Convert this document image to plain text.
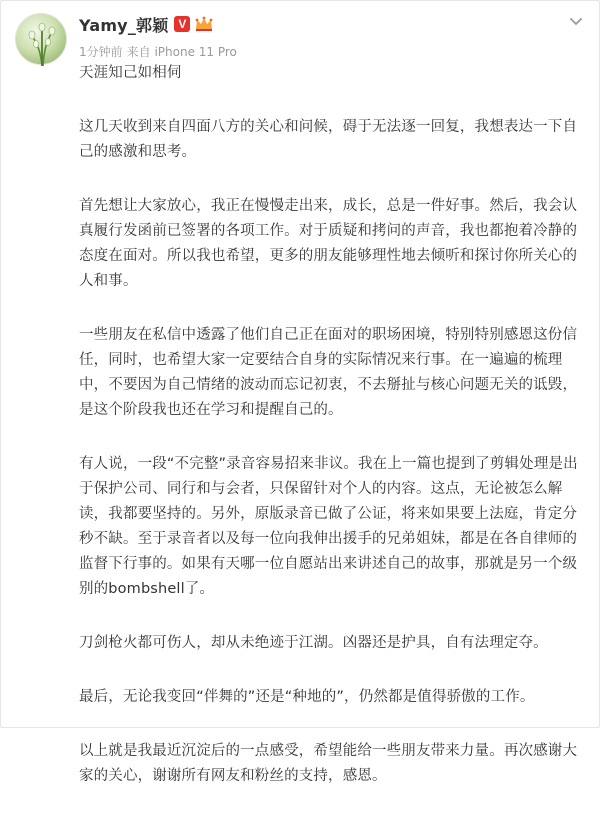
Yamy_郭颖 V
1分钟前 来自 iPhone 11 Pro

天涯知己如相伺

这几天收到来自四面八方的关心和问候，碍于无法逐一回复，我想表达一下自己的感激和思考。

首先想让大家放心，我正在慢慢走出来，成长，总是一件好事。然后，我会认真履行发函前已签署的各项工作。对于质疑和拷问的声音，我也都抱着冷静的态度在面对。所以我也希望，更多的朋友能够理性地去倾听和探讨你所关心的人和事。

一些朋友在私信中透露了他们自己正在面对的职场困境，特别特别感恩这份信任，同时，也希望大家一定要结合自身的实际情况来行事。在一遍遍的梳理中，不要因为自己情绪的波动而忘记初衷，不去掰扯与核心问题无关的诋毁，是这个阶段我也还在学习和提醒自己的。

有人说，一段“不完整”录音容易招来非议。我在上一篇也提到了剪辑处理是出于保护公司、同行和与会者，只保留针对个人的内容。这点，无论被怎么解读，我都要坚持的。另外，原版录音已做了公证，将来如果要上法庭，肯定分秒不缺。至于录音者以及每一位向我伸出援手的兄弟姐妹，都是在各自律师的监督下行事的。如果有天哪一位自愿站出来讲述自己的故事，那就是另一个级别的bombshell了。

刀剑枪火都可伤人，却从未绝迹于江湖。凶器还是护具，自有法理定夺。

最后，无论我变回“伴舞的”还是“种地的”，仍然都是值得骄傲的工作。

以上就是我最近沉淀后的一点感受，希望能给一些朋友带来力量。再次感谢大家的关心，谢谢所有网友和粉丝的支持，感恩。
